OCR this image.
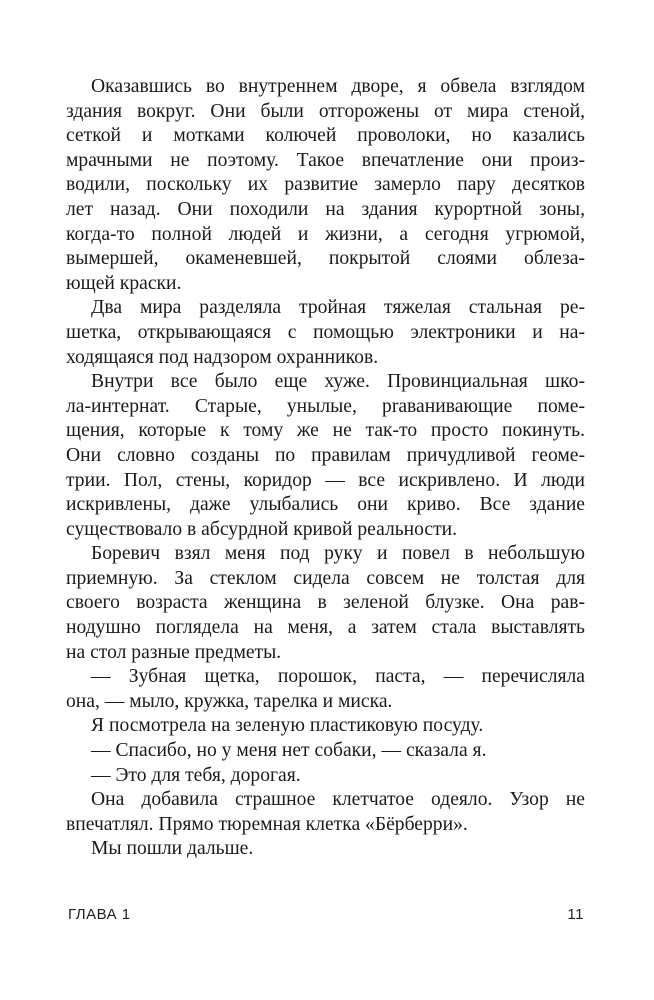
Оказавшись во внутреннем дворе, я обвела взглядом
здания вокруг. Они были отгорожены от мира стеной,
сеткой и мотками колючей проволоки, но казались
мрачными не поэтому. Такое впечатление они произ-
водили, поскольку их развитие замерло пару десятков
лет назад. Они походили на здания курортной зоны,
когда-то полной людей и жизни, а сегодня угрюмой,
вымершей, окаменевшей, покрытой слоями облеза-
ющей краски.
Два мира разделяла тройная тяжелая стальная ре-
шетка, открывающаяся с помощью электроники и на-
ходящаяся под надзором охранников.
Внутри все было еще хуже. Провинциальная шко-
ла-интернат. Старые, унылые, praванивающие поме-
щения, которые к тому же не так-то просто покинуть.
Они словно созданы по правилам причудливой геоме-
трии. Пол, стены, коридор — все искривлено. И люди
искривлены, даже улыбались они криво. Все здание
существовало в абсурдной кривой реальности.
Боревич взял меня под руку и повел в небольшую
приемную. За стеклом сидела совсем не толстая для
своего возраста женщина в зеленой блузке. Она рав-
нодушно поглядела на меня, а затем стала выставлять
на стол разные предметы.
— Зубная щетка, порошок, паста, — перечисляла
она, — мыло, кружка, тарелка и миска.
Я посмотрела на зеленую пластиковую посуду.
— Спасибо, но у меня нет собаки, — сказала я.
— Это для тебя, дорогая.
Она добавила страшное клетчатое одеяло. Узор не
впечатлял. Прямо тюремная клетка «Бёрберри».
Мы пошли дальше.
ГЛАВА 1	11
